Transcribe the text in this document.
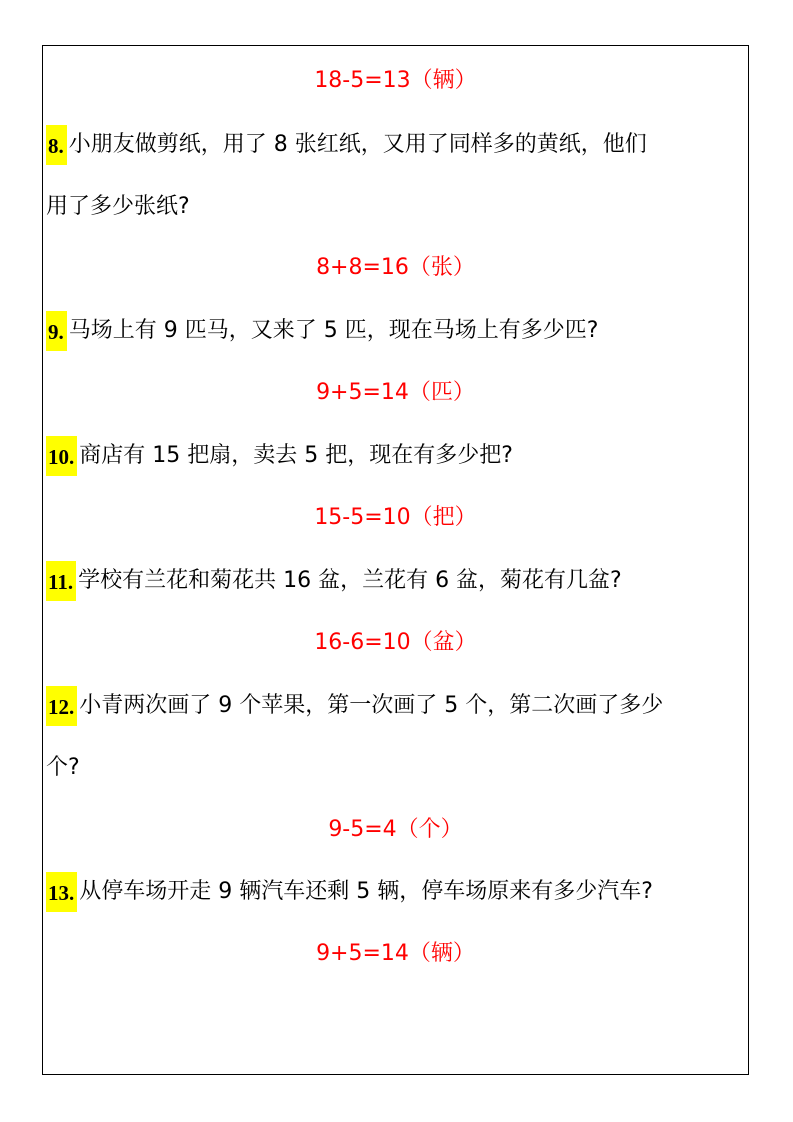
18-5=13（辆）
8. 小朋友做剪纸，用了 8 张红纸，又用了同样多的黄纸，他们
用了多少张纸?
8+8=16（张）
9. 马场上有 9 匹马，又来了 5 匹，现在马场上有多少匹?
9+5=14（匹）
10. 商店有 15 把扇，卖去 5 把，现在有多少把?
15-5=10（把）
11. 学校有兰花和菊花共 16 盆，兰花有 6 盆，菊花有几盆?
16-6=10（盆）
12. 小青两次画了 9 个苹果，第一次画了 5 个，第二次画了多少
个?
9-5=4（个）
13. 从停车场开走 9 辆汽车还剩 5 辆，停车场原来有多少汽车?
9+5=14（辆）
